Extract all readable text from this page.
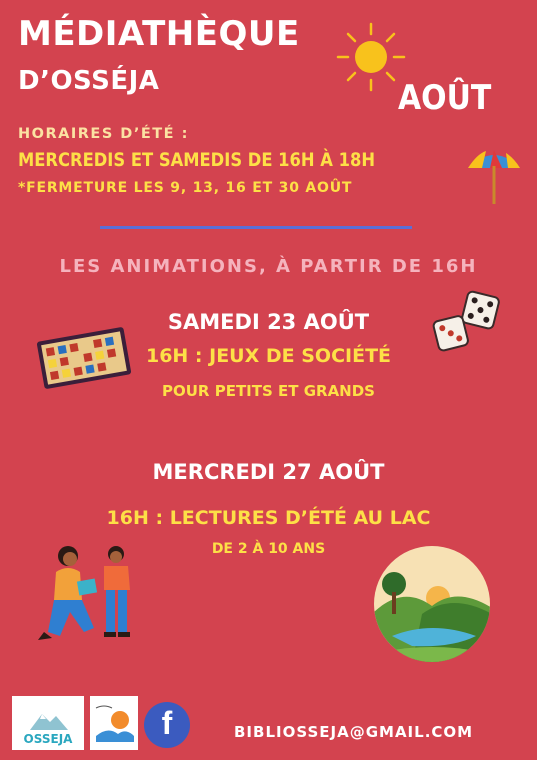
MÉDIATHÈQUE
D’OSSÉJA	AOÛT
HORAIRES D’ÉTÉ :
MERCREDIS ET SAMEDIS DE 16H À 18H
*FERMETURE LES 9, 13, 16 ET 30 AOÛT
LES ANIMATIONS, À PARTIR DE 16H
SAMEDI 23 AOÛT
16H : JEUX DE SOCIÉTÉ
POUR PETITS ET GRANDS
MERCREDI 27 AOÛT
16H : LECTURES D’ÉTÉ AU LAC
DE 2 À 10 ANS
OSSEJA	f	BIBLIOSSEJA@GMAIL.COM
